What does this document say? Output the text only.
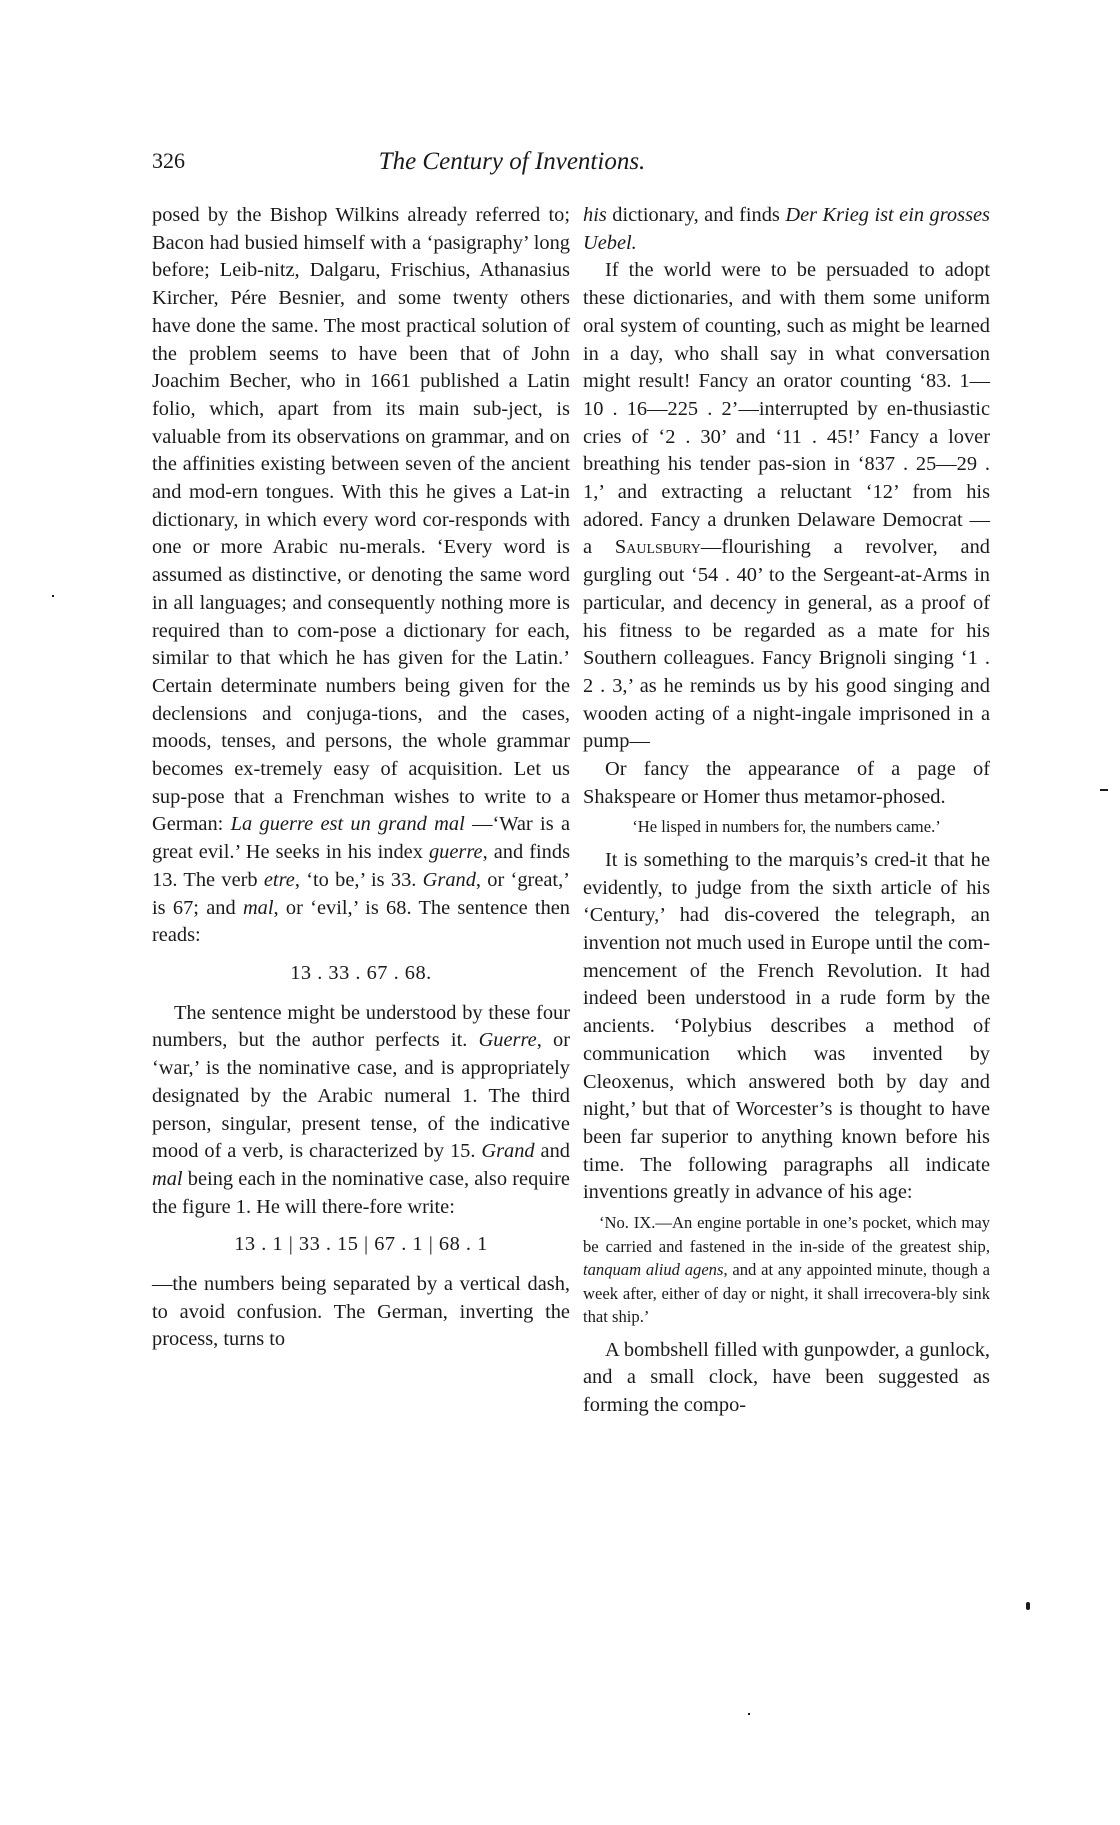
326	The Century of Inventions.

posed by the Bishop Wilkins already referred to; Bacon had busied himself with a ‘pasigraphy’ long before; Leib-nitz, Dalgaru, Frischius, Athanasius Kircher, Pére Besnier, and some twenty others have done the same. The most practical solution of the problem seems to have been that of John Joachim Becher, who in 1661 published a Latin folio, which, apart from its main sub-ject, is valuable from its observations on grammar, and on the affinities existing between seven of the ancient and mod-ern tongues. With this he gives a Lat-in dictionary, in which every word cor-responds with one or more Arabic nu-merals. ‘Every word is assumed as distinctive, or denoting the same word in all languages; and consequently nothing more is required than to com-pose a dictionary for each, similar to that which he has given for the Latin.’ Certain determinate numbers being given for the declensions and conjuga-tions, and the cases, moods, tenses, and persons, the whole grammar becomes ex-tremely easy of acquisition. Let us sup-pose that a Frenchman wishes to write to a German: La guerre est un grand mal —‘War is a great evil.’ He seeks in his index guerre, and finds 13. The verb etre, ‘to be,’ is 33. Grand, or ‘great,’ is 67; and mal, or ‘evil,’ is 68. The sentence then reads:

13 . 33 . 67 . 68.

The sentence might be understood by these four numbers, but the author perfects it. Guerre, or ‘war,’ is the nominative case, and is appropriately designated by the Arabic numeral 1. The third person, singular, present tense, of the indicative mood of a verb, is characterized by 15. Grand and mal being each in the nominative case, also require the figure 1. He will there-fore write:

13 . 1 | 33 . 15 | 67 . 1 | 68 . 1

—the numbers being separated by a vertical dash, to avoid confusion. The German, inverting the process, turns to

his dictionary, and finds Der Krieg ist ein grosses Uebel.

If the world were to be persuaded to adopt these dictionaries, and with them some uniform oral system of counting, such as might be learned in a day, who shall say in what conversation might result! Fancy an orator counting ‘83. 1—10 . 16—225 . 2’—interrupted by en-thusiastic cries of ‘2 . 30’ and ‘11 . 45!’ Fancy a lover breathing his tender pas-sion in ‘837 . 25—29 . 1,’ and extracting a reluctant ‘12’ from his adored. Fancy a drunken Delaware Democrat — a Saulsbury—flourishing a revolver, and gurgling out ‘54 . 40’ to the Sergeant-at-Arms in particular, and decency in general, as a proof of his fitness to be regarded as a mate for his Southern colleagues. Fancy Brignoli singing ‘1 . 2 . 3,’ as he reminds us by his good singing and wooden acting of a night-ingale imprisoned in a pump—

Or fancy the appearance of a page of Shakspeare or Homer thus metamor-phosed.

‘He lisped in numbers for, the numbers came.’

It is something to the marquis’s cred-it that he evidently, to judge from the sixth article of his ‘Century,’ had dis-covered the telegraph, an invention not much used in Europe until the com-mencement of the French Revolution. It had indeed been understood in a rude form by the ancients. ‘Polybius describes a method of communication which was invented by Cleoxenus, which answered both by day and night,’ but that of Worcester’s is thought to have been far superior to anything known before his time. The following paragraphs all indicate inventions greatly in advance of his age:

‘No. IX.—An engine portable in one’s pocket, which may be carried and fastened in the in-side of the greatest ship, tanquam aliud agens, and at any appointed minute, though a week after, either of day or night, it shall irrecovera-bly sink that ship.’

A bombshell filled with gunpowder, a gunlock, and a small clock, have been suggested as forming the compo-
